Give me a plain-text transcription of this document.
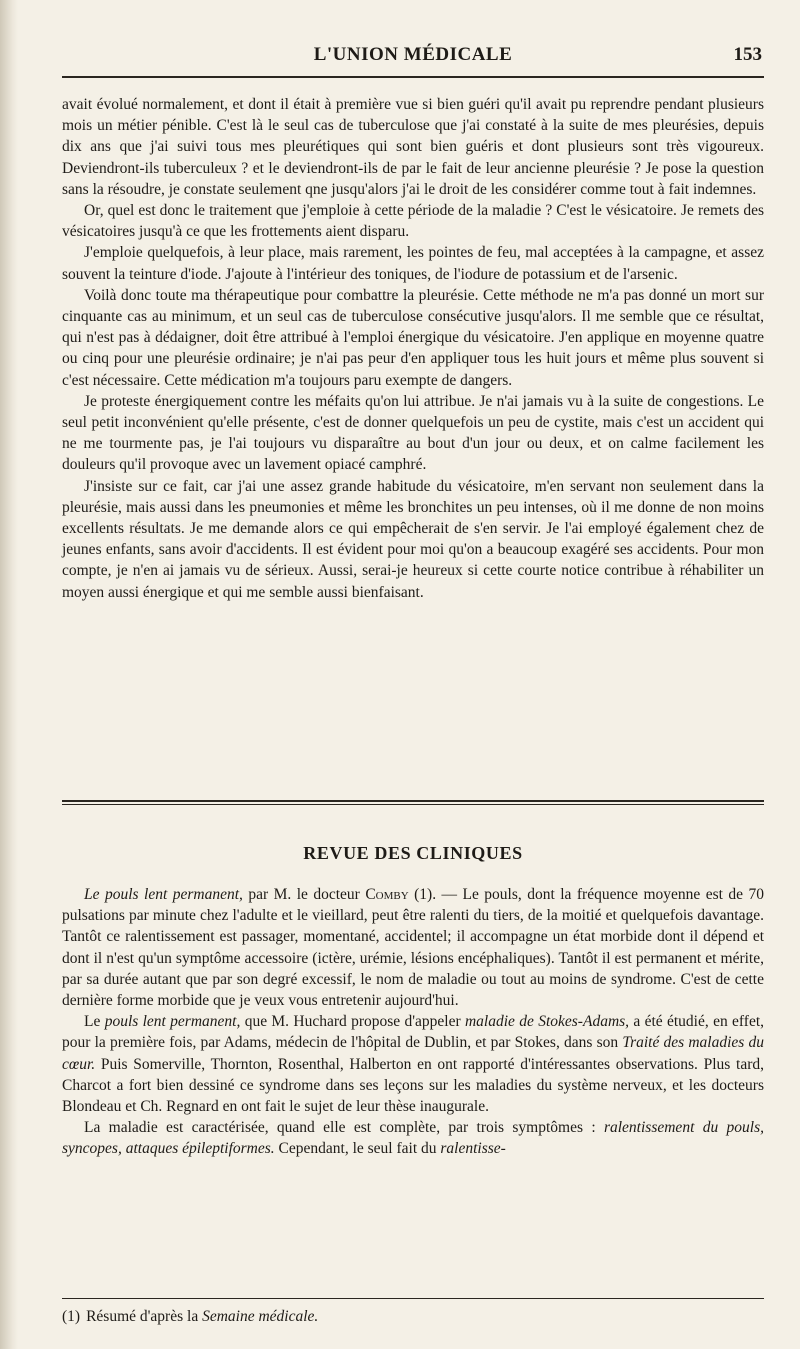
L'UNION MÉDICALE	153

avait évolué normalement, et dont il était à première vue si bien guéri qu'il avait pu reprendre pendant plusieurs mois un métier pénible. C'est là le seul cas de tuberculose que j'ai constaté à la suite de mes pleurésies, depuis dix ans que j'ai suivi tous mes pleurétiques qui sont bien guéris et dont plusieurs sont très vigoureux. Deviendront-ils tuberculeux ? et le deviendront-ils de par le fait de leur ancienne pleurésie ? Je pose la question sans la résoudre, je constate seulement qne jusqu'alors j'ai le droit de les considérer comme tout à fait indemnes.

Or, quel est donc le traitement que j'emploie à cette période de la maladie ? C'est le vésicatoire. Je remets des vésicatoires jusqu'à ce que les frottements aient disparu.

J'emploie quelquefois, à leur place, mais rarement, les pointes de feu, mal acceptées à la campagne, et assez souvent la teinture d'iode. J'ajoute à l'intérieur des toniques, de l'iodure de potassium et de l'arsenic.

Voilà donc toute ma thérapeutique pour combattre la pleurésie. Cette méthode ne m'a pas donné un mort sur cinquante cas au minimum, et un seul cas de tuberculose consécutive jusqu'alors. Il me semble que ce résultat, qui n'est pas à dédaigner, doit être attribué à l'emploi énergique du vésicatoire. J'en applique en moyenne quatre ou cinq pour une pleurésie ordinaire; je n'ai pas peur d'en appliquer tous les huit jours et même plus souvent si c'est nécessaire. Cette médication m'a toujours paru exempte de dangers.

Je proteste énergiquement contre les méfaits qu'on lui attribue. Je n'ai jamais vu à la suite de congestions. Le seul petit inconvénient qu'elle présente, c'est de donner quelquefois un peu de cystite, mais c'est un accident qui ne me tourmente pas, je l'ai toujours vu disparaître au bout d'un jour ou deux, et on calme facilement les douleurs qu'il provoque avec un lavement opiacé camphré.

J'insiste sur ce fait, car j'ai une assez grande habitude du vésicatoire, m'en servant non seulement dans la pleurésie, mais aussi dans les pneumonies et même les bronchites un peu intenses, où il me donne de non moins excellents résultats. Je me demande alors ce qui empêcherait de s'en servir. Je l'ai employé également chez de jeunes enfants, sans avoir d'accidents. Il est évident pour moi qu'on a beaucoup exagéré ses accidents. Pour mon compte, je n'en ai jamais vu de sérieux. Aussi, serai-je heureux si cette courte notice contribue à réhabiliter un moyen aussi énergique et qui me semble aussi bienfaisant.

REVUE DES CLINIQUES

Le pouls lent permanent, par M. le docteur Comby (1). — Le pouls, dont la fréquence moyenne est de 70 pulsations par minute chez l'adulte et le vieillard, peut être ralenti du tiers, de la moitié et quelquefois davantage. Tantôt ce ralentissement est passager, momentané, accidentel; il accompagne un état morbide dont il dépend et dont il n'est qu'un symptôme accessoire (ictère, urémie, lésions encéphaliques). Tantôt il est permanent et mérite, par sa durée autant que par son degré excessif, le nom de maladie ou tout au moins de syndrome. C'est de cette dernière forme morbide que je veux vous entretenir aujourd'hui.

Le pouls lent permanent, que M. Huchard propose d'appeler maladie de Stokes-Adams, a été étudié, en effet, pour la première fois, par Adams, médecin de l'hôpital de Dublin, et par Stokes, dans son Traité des maladies du cœur. Puis Somerville, Thornton, Rosenthal, Halberton en ont rapporté d'intéressantes observations. Plus tard, Charcot a fort bien dessiné ce syndrome dans ses leçons sur les maladies du système nerveux, et les docteurs Blondeau et Ch. Regnard en ont fait le sujet de leur thèse inaugurale.

La maladie est caractérisée, quand elle est complète, par trois symptômes : ralentissement du pouls, syncopes, attaques épileptiformes. Cependant, le seul fait du ralentisse-

(1) Résumé d'après la Semaine médicale.
